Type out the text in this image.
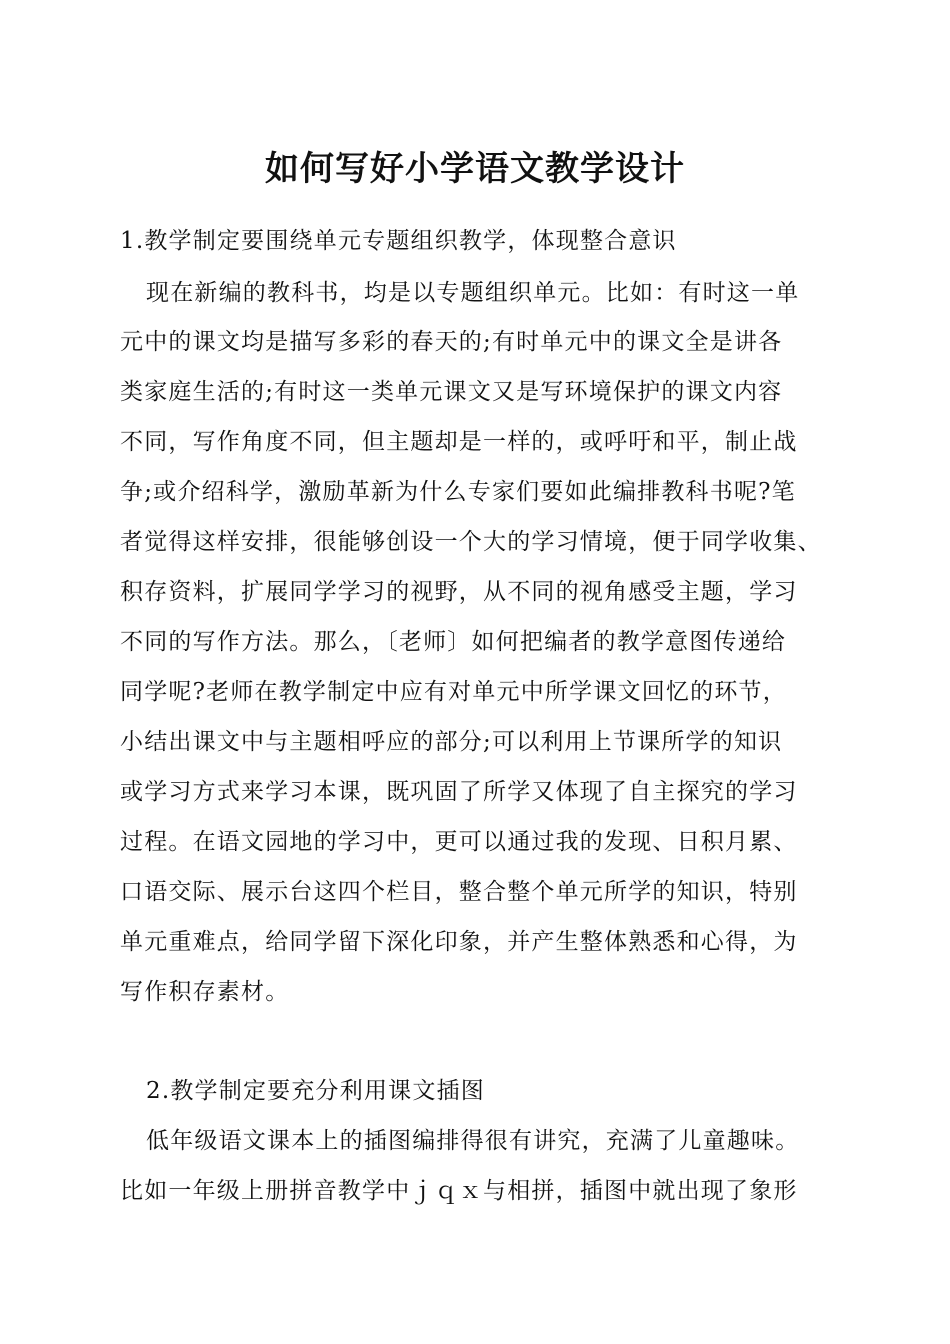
如何写好小学语文教学设计

1.教学制定要围绕单元专题组织教学，体现整合意识

现在新编的教科书，均是以专题组织单元。比如：有时这一单

元中的课文均是描写多彩的春天的;有时单元中的课文全是讲各

类家庭生活的;有时这一类单元课文又是写环境保护的课文内容

不同，写作角度不同，但主题却是一样的，或呼吁和平，制止战

争;或介绍科学，激励革新为什么专家们要如此编排教科书呢?笔

者觉得这样安排，很能够创设一个大的学习情境，便于同学收集、

积存资料，扩展同学学习的视野，从不同的视角感受主题，学习

不同的写作方法。那么，〔老师〕如何把编者的教学意图传递给

同学呢?老师在教学制定中应有对单元中所学课文回忆的环节，

小结出课文中与主题相呼应的部分;可以利用上节课所学的知识

或学习方式来学习本课，既巩固了所学又体现了自主探究的学习

过程。在语文园地的学习中，更可以通过我的发现、日积月累、

口语交际、展示台这四个栏目，整合整个单元所学的知识，特别

单元重难点，给同学留下深化印象，并产生整体熟悉和心得，为

写作积存素材。

2.教学制定要充分利用课文插图

低年级语文课本上的插图编排得很有讲究，充满了儿童趣味。

比如一年级上册拼音教学中ｊｑｘ与相拼，插图中就出现了象形
